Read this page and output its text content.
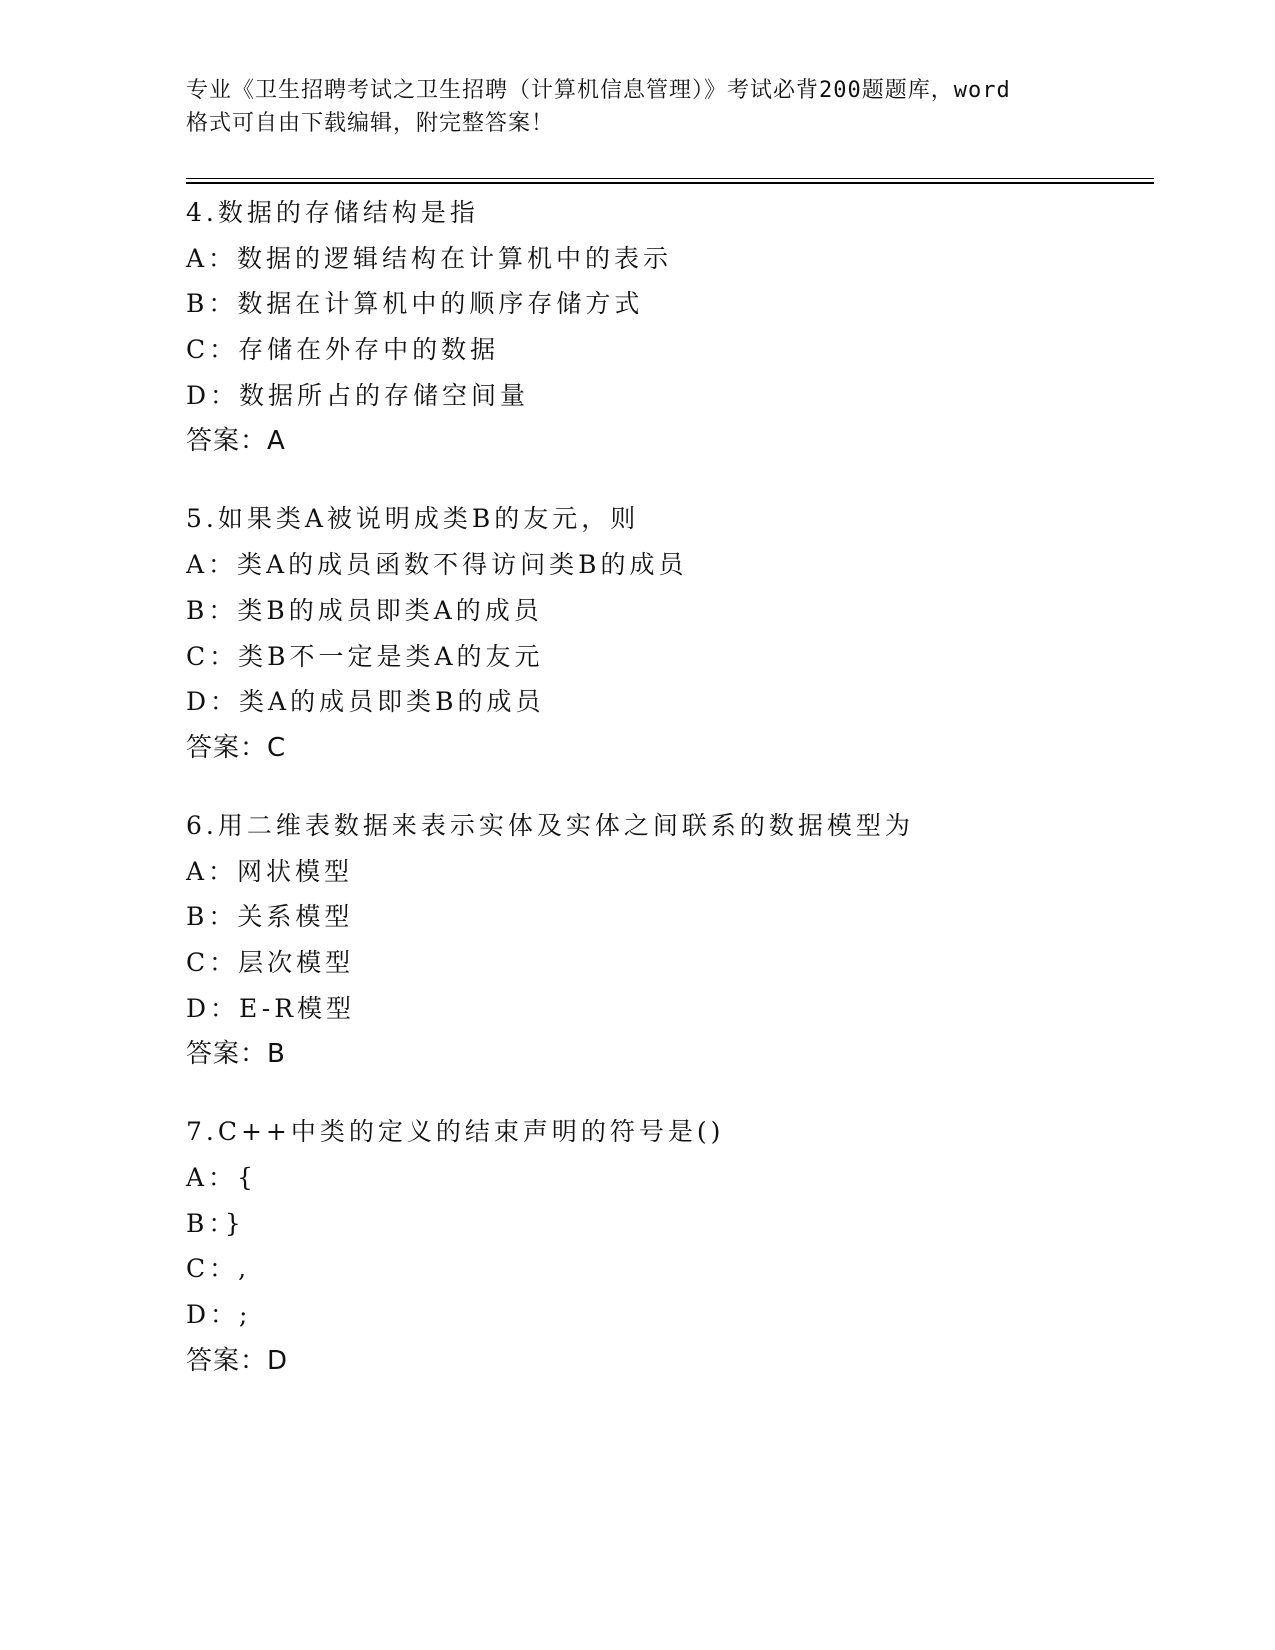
专业《卫生招聘考试之卫生招聘（计算机信息管理）》考试必背200题题库，word
格式可自由下载编辑，附完整答案！
4.数据的存储结构是指
A：数据的逻辑结构在计算机中的表示
B：数据在计算机中的顺序存储方式
C：存储在外存中的数据
D：数据所占的存储空间量
答案：A
5.如果类A被说明成类B的友元，则
A：类A的成员函数不得访问类B的成员
B：类B的成员即类A的成员
C：类B不一定是类A的友元
D：类A的成员即类B的成员
答案：C
6.用二维表数据来表示实体及实体之间联系的数据模型为
A：网状模型
B：关系模型
C：层次模型
D：E-R模型
答案：B
7.C++中类的定义的结束声明的符号是()
A：{
B：}
C：,
D：;
答案：D
